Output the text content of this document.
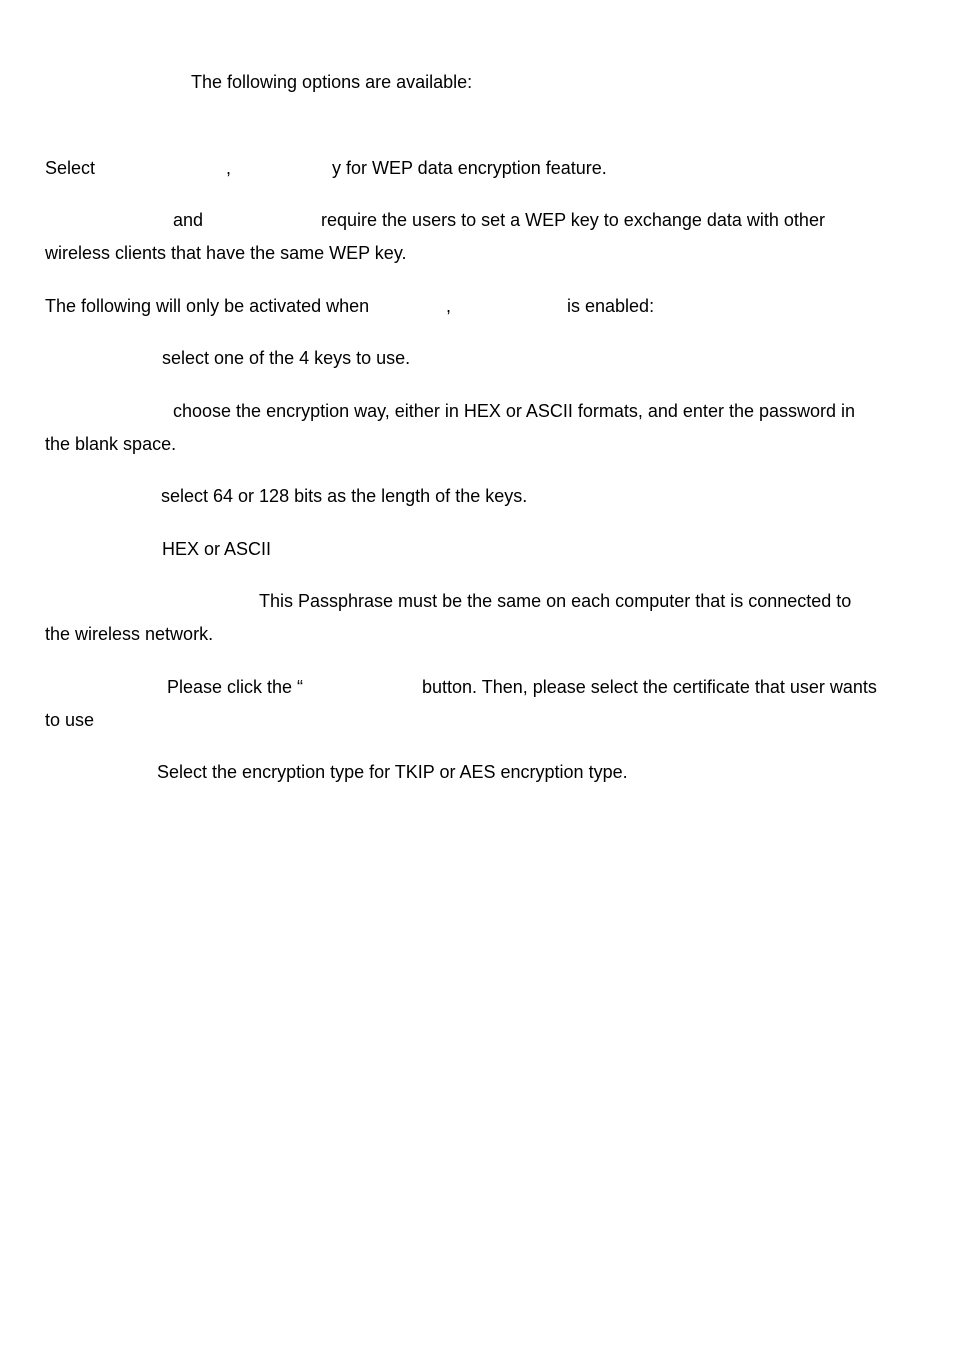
The following options are available:
Select	,	y for WEP data encryption feature.
and	require the users to set a WEP key to exchange data with other
wireless clients that have the same WEP key.
The following will only be activated when	,	is enabled:
select one of the 4 keys to use.
choose the encryption way, either in HEX or ASCII formats, and enter the password in
the blank space.
select 64 or 128 bits as the length of the keys.
HEX or ASCII
This Passphrase must be the same on each computer that is connected to
the wireless network.
Please click the “	button. Then, please select the certificate that user wants
to use
Select the encryption type for TKIP or AES encryption type.
